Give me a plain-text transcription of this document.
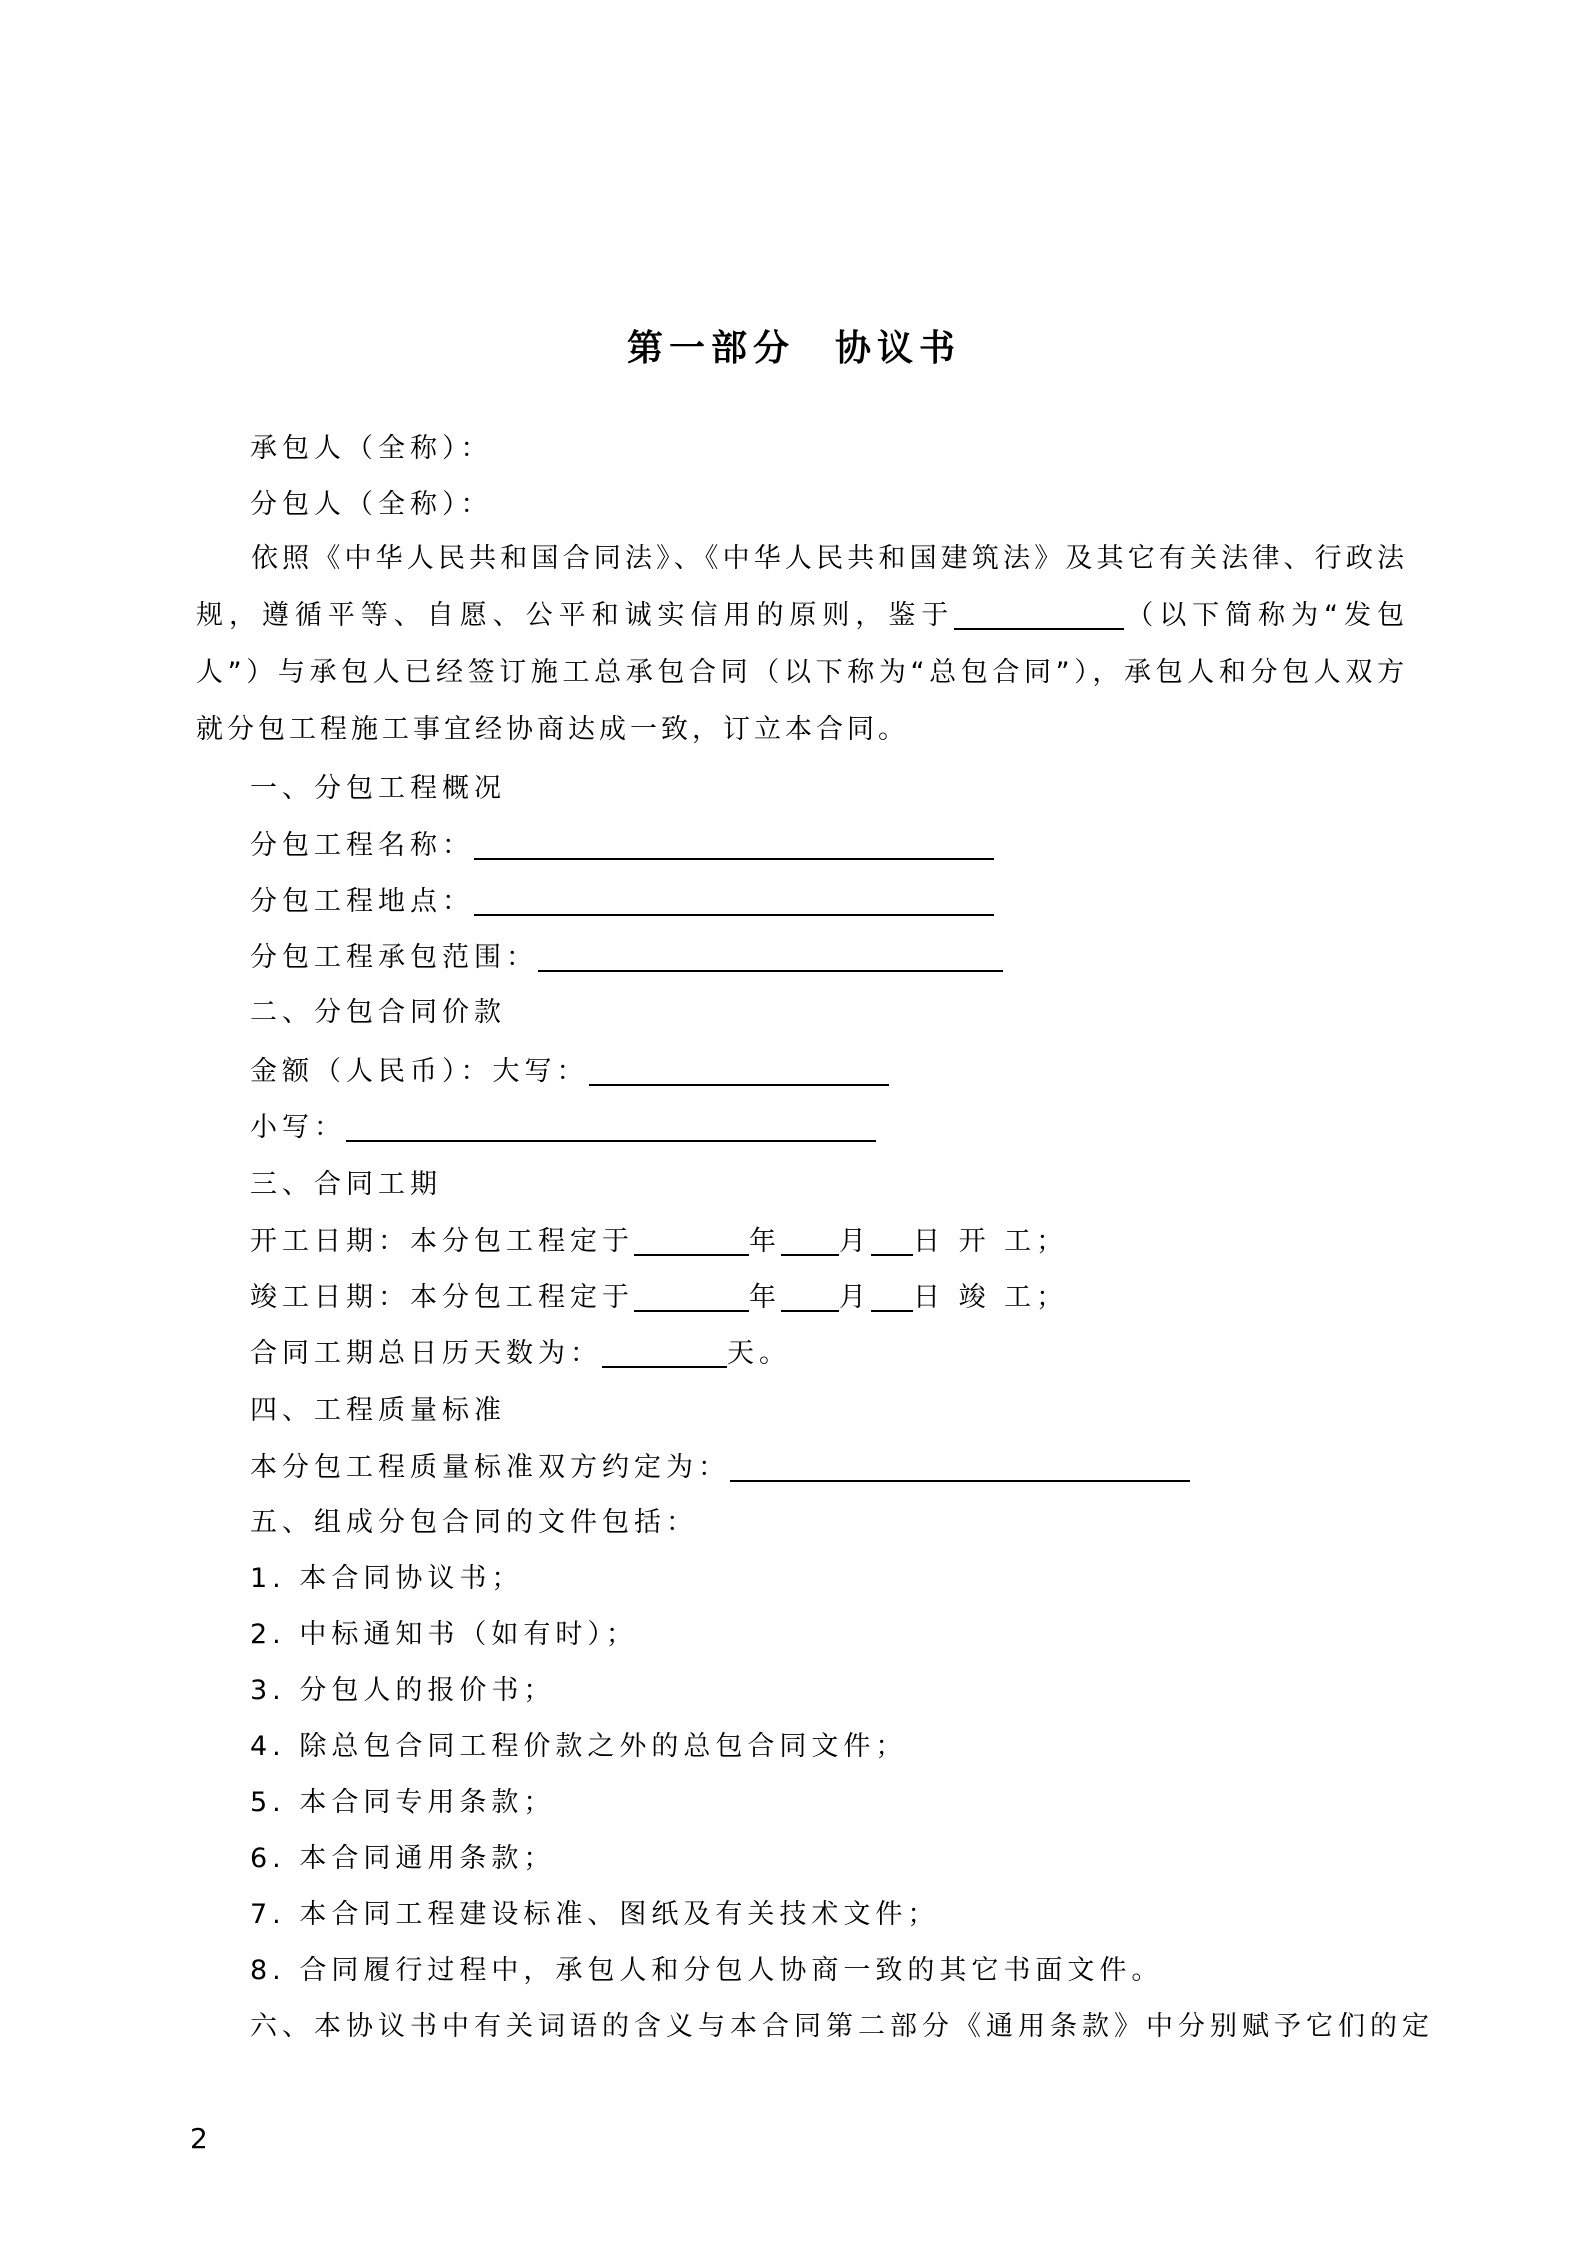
第一部分 协议书
承包人（全称）：
分包人（全称）：
依照《中华人民共和国合同法》、《中华人民共和国建筑法》及其它有关法律、行政法规，遵循平等、自愿、公平和诚实信用的原则，鉴于	（以下简称为“发包人”）与承包人已经签订施工总承包合同（以下称为“总包合同”），承包人和分包人双方就分包工程施工事宜经协商达成一致，订立本合同。
一、分包工程概况
分包工程名称：
分包工程地点：
分包工程承包范围：
二、分包合同价款
金额（人民币）：大写：
小写：
三、合同工期
开工日期：本分包工程定于	年 月 日 开 工；
竣工日期：本分包工程定于	年 月 日 竣 工；
合同工期总日历天数为：	天。
四、工程质量标准
本分包工程质量标准双方约定为：
五、组成分包合同的文件包括：
1. 本合同协议书；
2. 中标通知书（如有时）；
3. 分包人的报价书；
4. 除总包合同工程价款之外的总包合同文件；
5. 本合同专用条款；
6. 本合同通用条款；
7. 本合同工程建设标准、图纸及有关技术文件；
8. 合同履行过程中，承包人和分包人协商一致的其它书面文件。
六、本协议书中有关词语的含义与本合同第二部分《通用条款》中分别赋予它们的定
2
